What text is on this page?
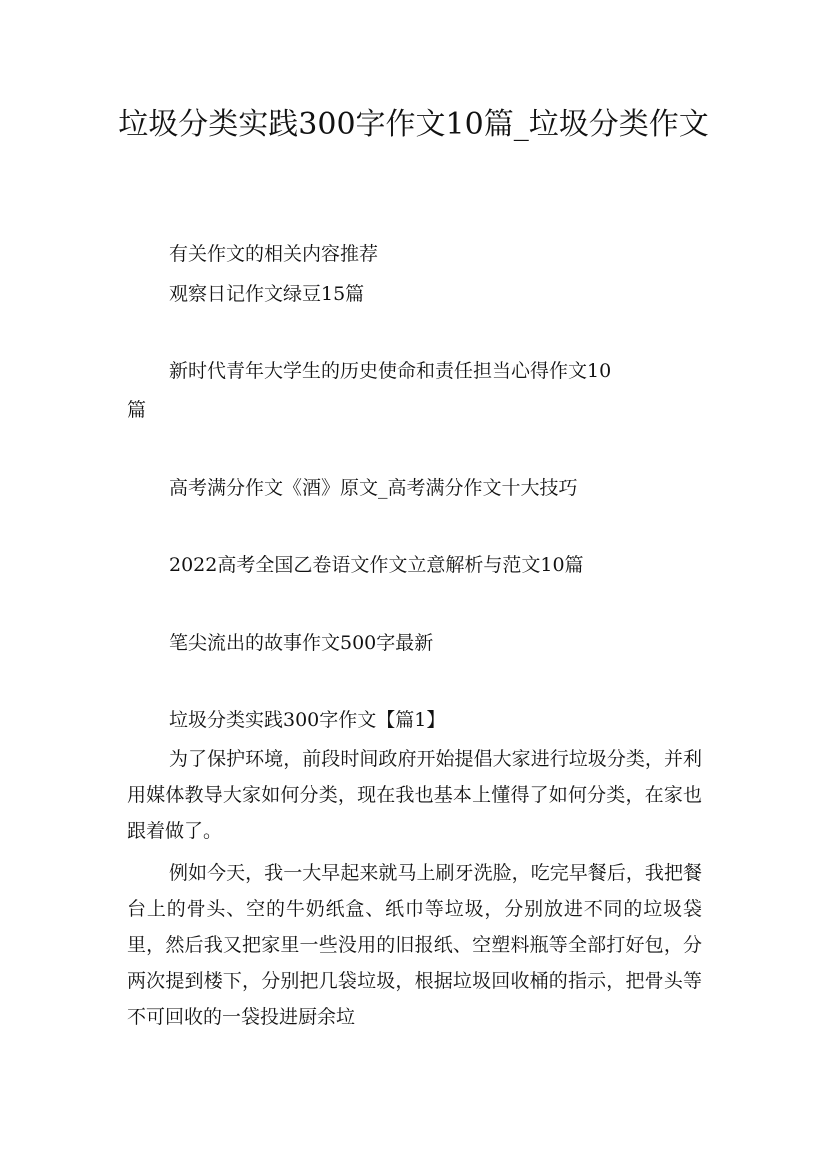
垃圾分类实践300字作文10篇_垃圾分类作文
有关作文的相关内容推荐
观察日记作文绿豆15篇
新时代青年大学生的历史使命和责任担当心得作文10
篇
高考满分作文《酒》原文_高考满分作文十大技巧
2022高考全国乙卷语文作文立意解析与范文10篇
笔尖流出的故事作文500字最新
垃圾分类实践300字作文【篇1】
为了保护环境，前段时间政府开始提倡大家进行垃圾分类，并利用媒体教导大家如何分类，现在我也基本上懂得了如何分类，在家也跟着做了。
例如今天，我一大早起来就马上刷牙洗脸，吃完早餐后，我把餐台上的骨头、空的牛奶纸盒、纸巾等垃圾，分别放进不同的垃圾袋里，然后我又把家里一些没用的旧报纸、空塑料瓶等全部打好包，分两次提到楼下，分别把几袋垃圾，根据垃圾回收桶的指示，把骨头等不可回收的一袋投进厨余垃
